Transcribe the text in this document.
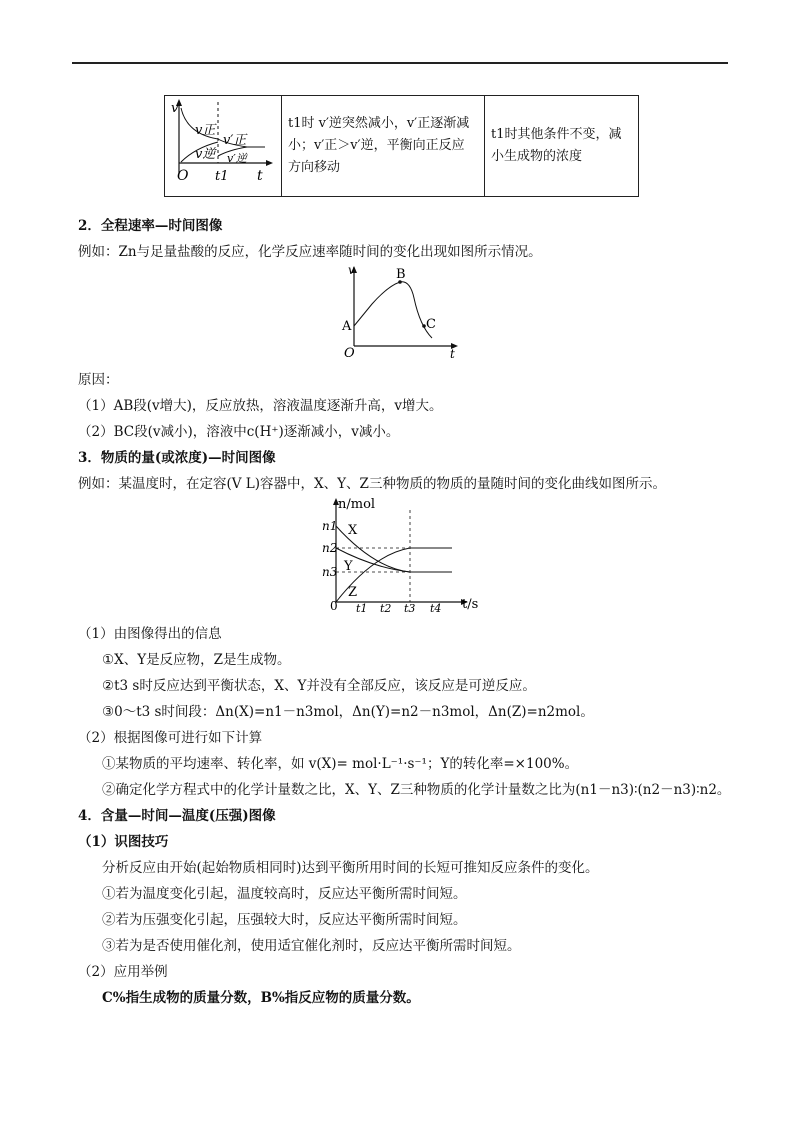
v
v正
v′正
v逆 v′逆
O t1 t

t1时 v′逆突然减小，v′正逐渐减
小；v′正＞v′逆，平衡向正反应
方向移动

t1时其他条件不变，减
小生成物的浓度
2．全程速率—时间图像
例如：Zn与足量盐酸的反应，化学反应速率随时间的变化出现如图所示情况。
v	B
A	C
O	t
原因：
（1）AB段(v增大)，反应放热，溶液温度逐渐升高，v增大。
（2）BC段(v减小)，溶液中c(H⁺)逐渐减小，v减小。
3．物质的量(或浓度)—时间图像
例如：某温度时，在定容(V L)容器中，X、Y、Z三种物质的物质的量随时间的变化曲线如图所示。
n/mol
t/s
0
n1
n2
n3
t1 t2 t3 t4
X
Y
Z
（1）由图像得出的信息
①X、Y是反应物，Z是生成物。
②t3 s时反应达到平衡状态，X、Y并没有全部反应，该反应是可逆反应。
③0～t3 s时间段：Δn(X)=n1－n3mol，Δn(Y)=n2－n3mol，Δn(Z)=n2mol。
（2）根据图像可进行如下计算
①某物质的平均速率、转化率，如 v(X)= mol·L⁻¹·s⁻¹；Y的转化率=×100%。
②确定化学方程式中的化学计量数之比，X、Y、Z三种物质的化学计量数之比为(n1－n3)∶(n2－n3)∶n2。
4．含量—时间—温度(压强)图像
（1）识图技巧
分析反应由开始(起始物质相同时)达到平衡所用时间的长短可推知反应条件的变化。
①若为温度变化引起，温度较高时，反应达平衡所需时间短。
②若为压强变化引起，压强较大时，反应达平衡所需时间短。
③若为是否使用催化剂，使用适宜催化剂时，反应达平衡所需时间短。
（2）应用举例
C%指生成物的质量分数，B%指反应物的质量分数。
